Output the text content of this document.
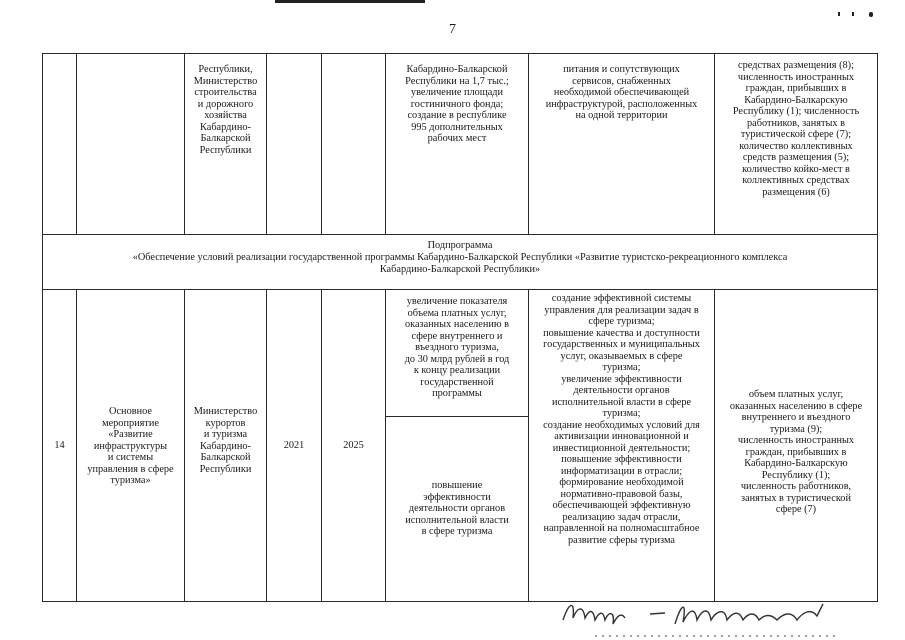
7
Республики,
Министерство
строительства
и дорожного
хозяйства
Кабардино-
Балкарской
Республики
Кабардино-Балкарской
Республики на 1,7 тыс.;
увеличение площади
гостиничного фонда;
создание в республике
995 дополнительных
рабочих мест
питания и сопутствующих
сервисов, снабженных
необходимой обеспечивающей
инфраструктурой, расположенных
на одной территории
средствах размещения (8);
численность иностранных
граждан, прибывших в
Кабардино-Балкарскую
Республику (1); численность
работников, занятых в
туристической сфере (7);
количество коллективных
средств размещения (5);
количество койко-мест в
коллективных средствах
размещения (6)
Подпрограмма
«Обеспечение условий реализации государственной программы Кабардино-Балкарской Республики «Развитие туристско-рекреационного комплекса
Кабардино-Балкарской Республики»
14
Основное
мероприятие
«Развитие
инфраструктуры
и системы
управления в сфере
туризма»
Министерство
курортов
и туризма
Кабардино-
Балкарской
Республики
2021	2025
увеличение показателя
объема платных услуг,
оказанных населению в
сфере внутреннего и
въездного туризма,
до 30 млрд рублей в год
к концу реализации
государственной
программы
повышение
эффективности
деятельности органов
исполнительной власти
в сфере туризма
создание эффективной системы
управления для реализации задач в
сфере туризма;
повышение качества и доступности
государственных и муниципальных
услуг, оказываемых в сфере
туризма;
увеличение эффективности
деятельности органов
исполнительной власти в сфере
туризма;
создание необходимых условий для
активизации инновационной и
инвестиционной деятельности;
повышение эффективности
информатизации в отрасли;
формирование необходимой
нормативно-правовой базы,
обеспечивающей эффективную
реализацию задач отрасли,
направленной на полномасштабное
развитие сферы туризма
объем платных услуг,
оказанных населению в сфере
внутреннего и въездного
туризма (9);
численность иностранных
граждан, прибывших в
Кабардино-Балкарскую
Республику (1);
численность работников,
занятых в туристической
сфере (7)
